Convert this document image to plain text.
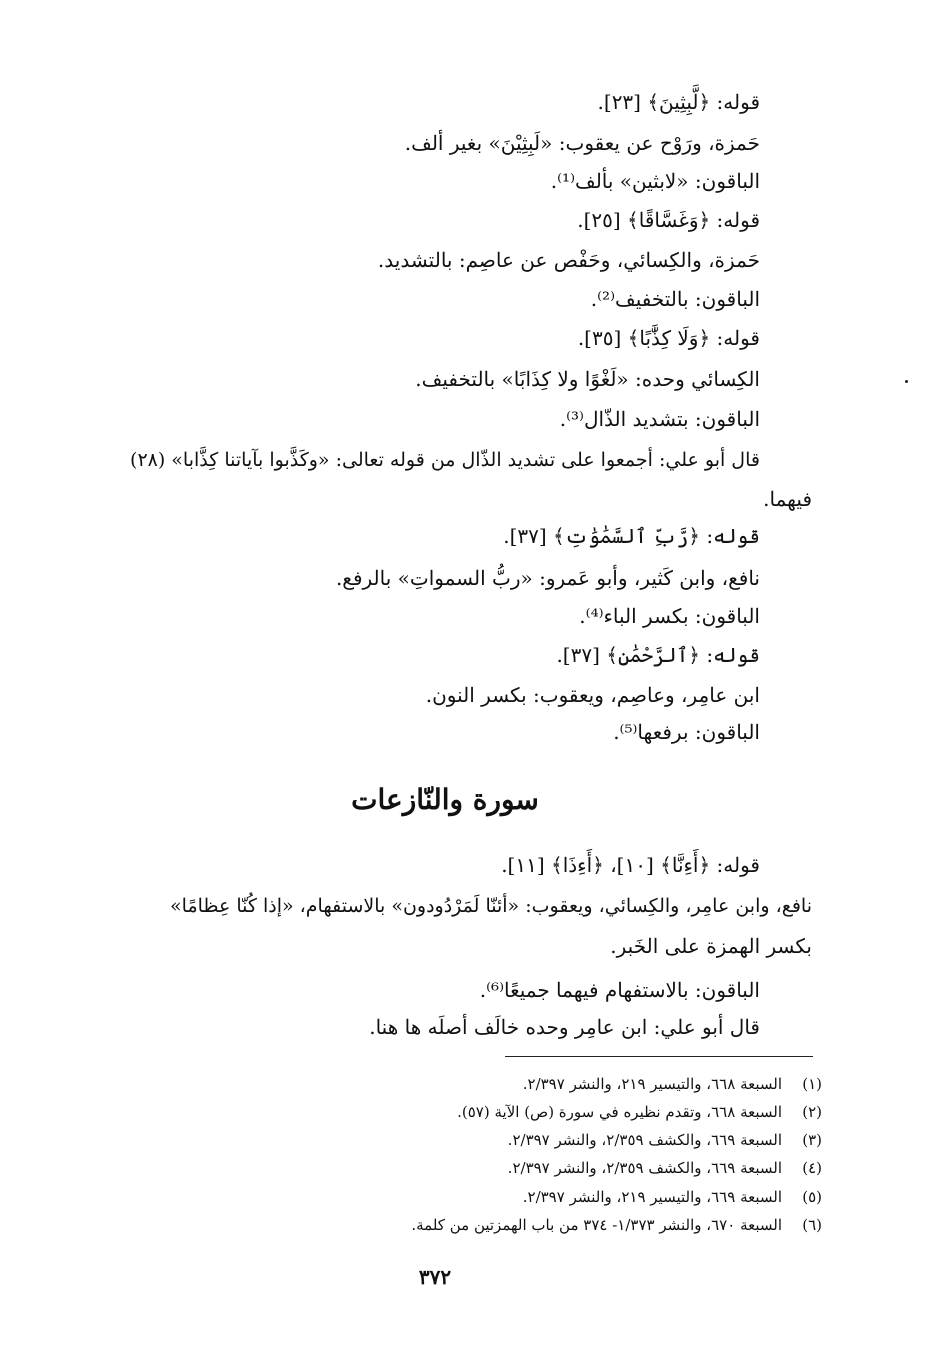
قوله: ﴿لَّبِثِينَ﴾ [٢٣].
حَمزة، ورَوْح عن يعقوب: «لَبِثِيْنَ» بغير ألف.
الباقون: «لابثين» بألف⁽¹⁾.
قوله: ﴿وَغَسَّاقًا﴾ [٢٥].
حَمزة، والكِسائي، وحَفْص عن عاصِم: بالتشديد.
الباقون: بالتخفيف⁽²⁾.
قوله: ﴿وَلَا كِذَّٰبًا﴾ [٣٥].
الكِسائي وحده: «لَغْوًا ولا كِذَابًا» بالتخفيف.
الباقون: بتشديد الذّال⁽³⁾.
قال أبو علي: أجمعوا على تشديد الذّال من قوله تعالى: «وكَذَّبوا بآياتنا كِذَّابا» (٢٨)
فيهما.
قوله: ﴿رَّبِّ ٱلسَّمَٰوَٰتِ﴾ [٣٧].
نافع، وابن كَثير، وأبو عَمرو: «ربُّ السمواتِ» بالرفع.
الباقون: بكسر الباء⁽⁴⁾.
قوله: ﴿ٱلرَّحْمَٰنِ﴾ [٣٧].
ابن عامِر، وعاصِم، ويعقوب: بكسر النون.
الباقون: برفعها⁽⁵⁾.
سورة والنّازعات
قوله: ﴿أَءِنَّا﴾ [١٠]، ﴿أَءِذَا﴾ [١١].
نافع، وابن عامِر، والكِسائي، ويعقوب: «أئنّا لَمَرْدُودون» بالاستفهام، «إذا كُنّا عِظامًا»
بكسر الهمزة على الخَبر.
الباقون: بالاستفهام فيهما جميعًا⁽⁶⁾.
قال أبو علي: ابن عامِر وحده خالَف أصلَه ها هنا.
(١)السبعة ٦٦٨، والتيسير ٢١٩، والنشر ٢/٣٩٧.
(٢)السبعة ٦٦٨، وتقدم نظيره في سورة (ص) الآية (٥٧).
(٣)السبعة ٦٦٩، والكشف ٢/٣٥٩، والنشر ٢/٣٩٧.
(٤)السبعة ٦٦٩، والكشف ٢/٣٥٩، والنشر ٢/٣٩٧.
(٥)السبعة ٦٦٩، والتيسير ٢١٩، والنشر ٢/٣٩٧.
(٦)السبعة ٦٧٠، والنشر ١/٣٧٣- ٣٧٤ من باب الهمزتين من كلمة.
٣٧٢
